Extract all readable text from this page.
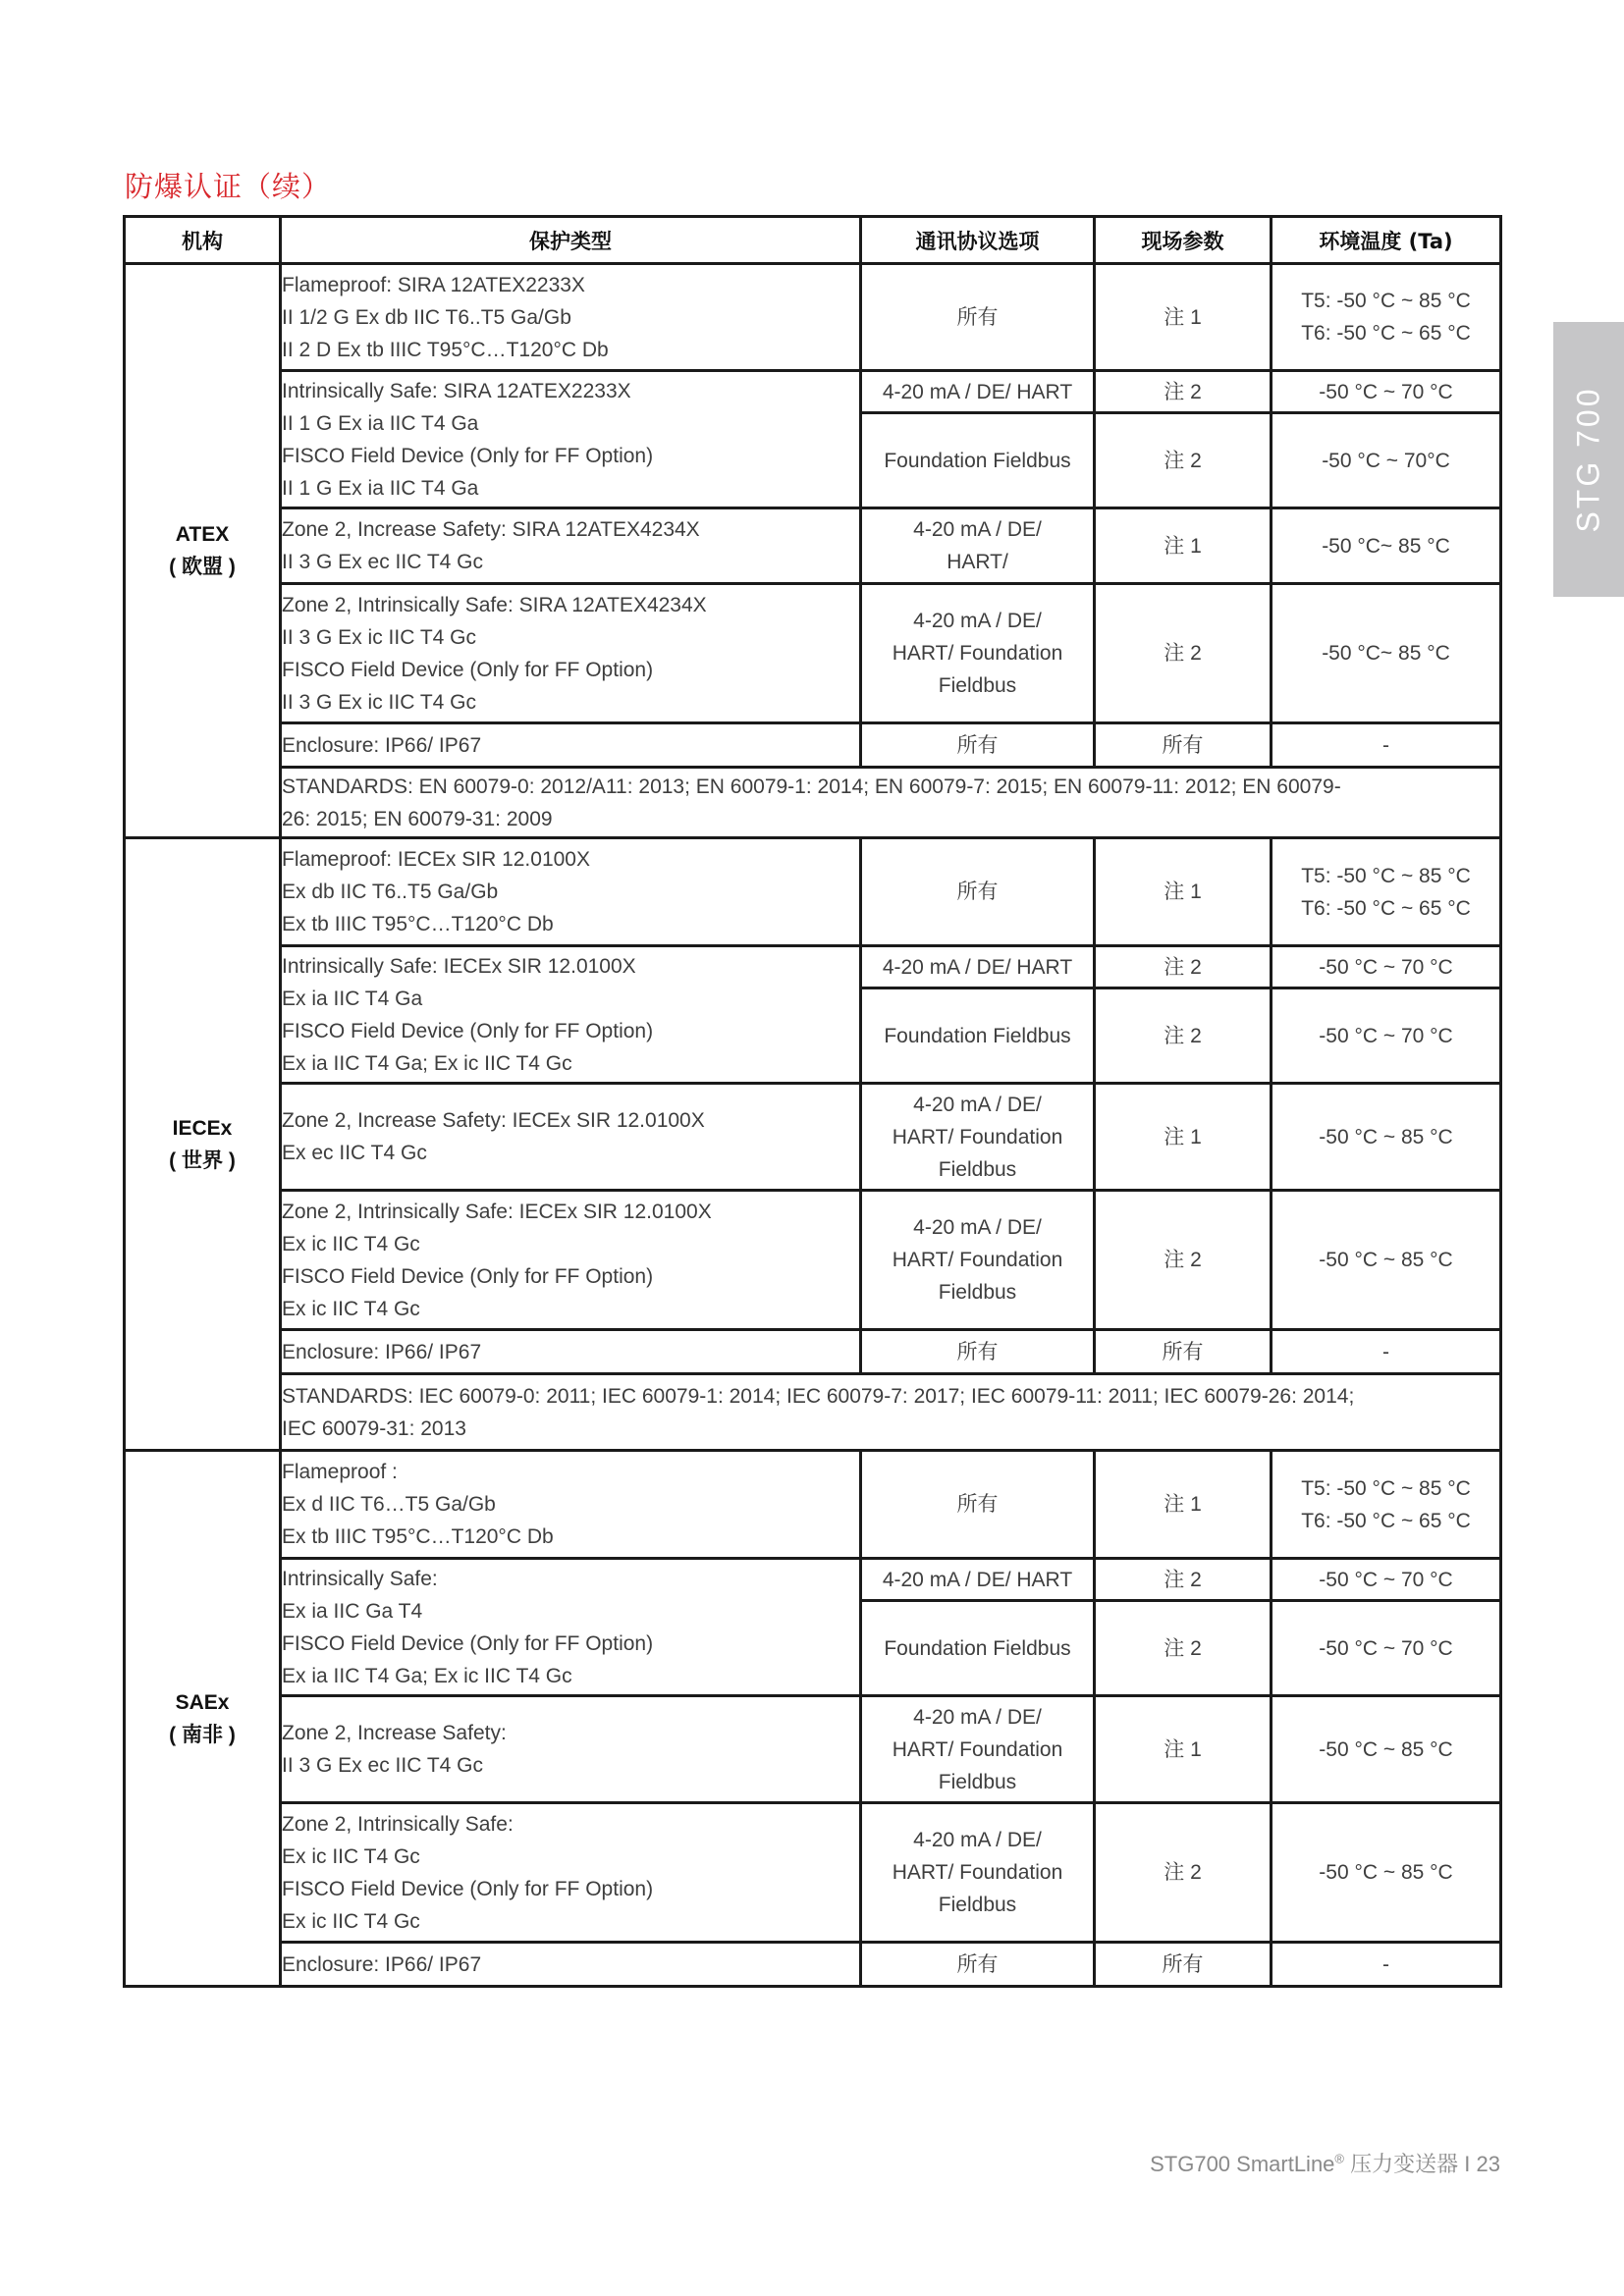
防爆认证（续）
STG 700
机构	保护类型	通讯协议选项	现场参数	环境温度 (Ta)

ATEX
( 欧盟 )	Flameproof: SIRA 12ATEX2233X
II 1/2 G Ex db IIC T6..T5 Ga/Gb
II 2 D Ex tb IIIC T95°C…T120°C Db	所有	注 1	T5: -50 °C ~ 85 °C
T6: -50 °C ~ 65 °C

	Intrinsically Safe: SIRA 12ATEX2233X
II 1 G Ex ia IIC T4 Ga
FISCO Field Device (Only for FF Option)
II 1 G Ex ia IIC T4 Ga	4-20 mA / DE/ HART	注 2	-50 °C ~ 70 °C

		Foundation Fieldbus	注 2	-50 °C ~ 70°C

	Zone 2, Increase Safety: SIRA 12ATEX4234X
II 3 G Ex ec IIC T4 Gc	4-20 mA / DE/
HART/	注 1	-50 °C~ 85 °C

	Zone 2, Intrinsically Safe: SIRA 12ATEX4234X
II 3 G Ex ic IIC T4 Gc
FISCO Field Device (Only for FF Option)
II 3 G Ex ic IIC T4 Gc	4-20 mA / DE/
HART/ Foundation
Fieldbus	注 2	-50 °C~ 85 °C

	Enclosure: IP66/ IP67	所有	所有	-

	STANDARDS: EN 60079-0: 2012/A11: 2013; EN 60079-1: 2014; EN 60079-7: 2015; EN 60079-11: 2012; EN 60079-
26: 2015; EN 60079-31: 2009			

IECEx
( 世界 )	Flameproof: IECEx SIR 12.0100X
Ex db IIC T6..T5 Ga/Gb
Ex tb IIIC T95°C…T120°C Db	所有	注 1	T5: -50 °C ~ 85 °C
T6: -50 °C ~ 65 °C

	Intrinsically Safe: IECEx SIR 12.0100X
Ex ia IIC T4 Ga
FISCO Field Device (Only for FF Option)
Ex ia IIC T4 Ga; Ex ic IIC T4 Gc	4-20 mA / DE/ HART	注 2	-50 °C ~ 70 °C

		Foundation Fieldbus	注 2	-50 °C ~ 70 °C

	Zone 2, Increase Safety: IECEx SIR 12.0100X
Ex ec IIC T4 Gc	4-20 mA / DE/
HART/ Foundation
Fieldbus	注 1	-50 °C ~ 85 °C

	Zone 2, Intrinsically Safe: IECEx SIR 12.0100X
Ex ic IIC T4 Gc
FISCO Field Device (Only for FF Option)
Ex ic IIC T4 Gc	4-20 mA / DE/
HART/ Foundation
Fieldbus	注 2	-50 °C ~ 85 °C

	Enclosure: IP66/ IP67	所有	所有	-

	STANDARDS: IEC 60079-0: 2011; IEC 60079-1: 2014; IEC 60079-7: 2017; IEC 60079-11: 2011; IEC 60079-26: 2014;
IEC 60079-31: 2013			

SAEx
( 南非 )	Flameproof :
Ex d IIC T6…T5 Ga/Gb
Ex tb IIIC T95°C…T120°C Db	所有	注 1	T5: -50 °C ~ 85 °C
T6: -50 °C ~ 65 °C

	Intrinsically Safe:
Ex ia IIC Ga T4
FISCO Field Device (Only for FF Option)
Ex ia IIC T4 Ga; Ex ic IIC T4 Gc	4-20 mA / DE/ HART	注 2	-50 °C ~ 70 °C

		Foundation Fieldbus	注 2	-50 °C ~ 70 °C

	Zone 2, Increase Safety:
II 3 G Ex ec IIC T4 Gc	4-20 mA / DE/
HART/ Foundation
Fieldbus	注 1	-50 °C ~ 85 °C

	Zone 2, Intrinsically Safe:
Ex ic IIC T4 Gc
FISCO Field Device (Only for FF Option)
Ex ic IIC T4 Gc	4-20 mA / DE/
HART/ Foundation
Fieldbus	注 2	-50 °C ~ 85 °C

	Enclosure: IP66/ IP67	所有	所有	-
STG700 SmartLine® 压力变送器 I 23
